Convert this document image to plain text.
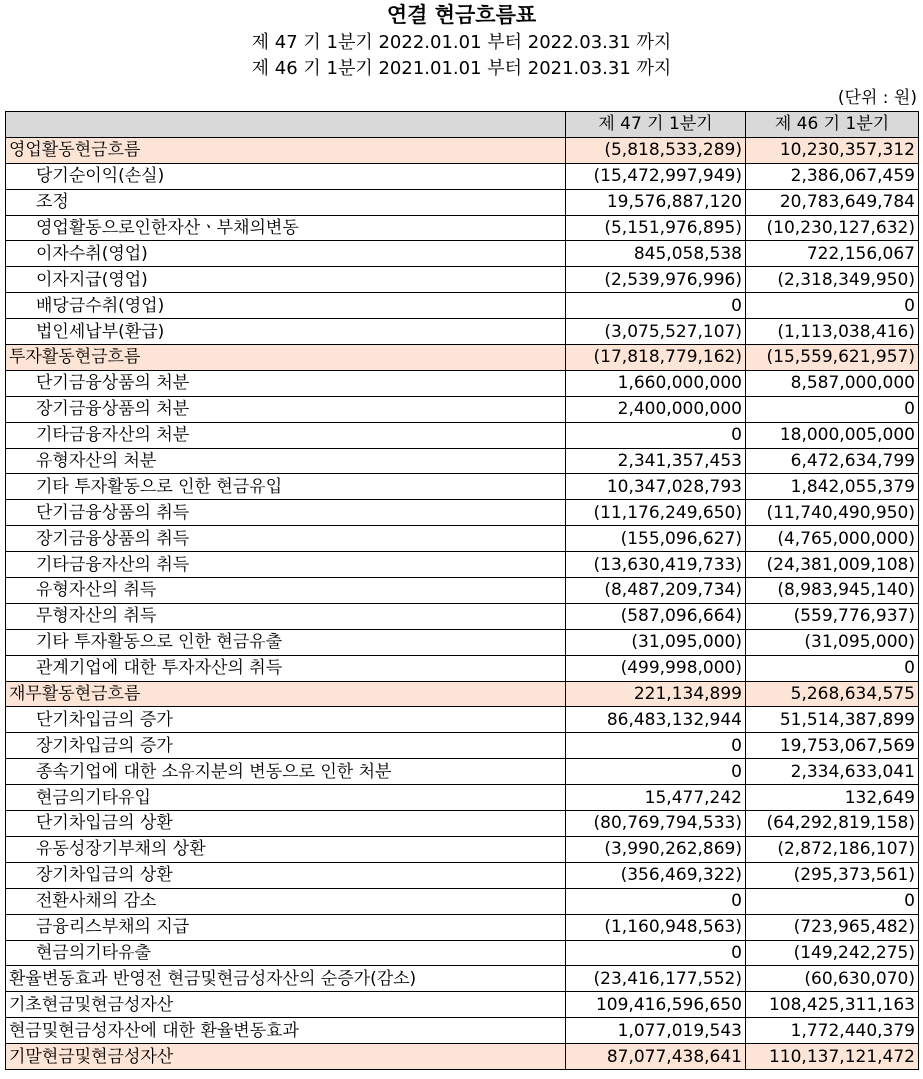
연결 현금흐름표
제 47 기 1분기 2022.01.01 부터 2022.03.31 까지
제 46 기 1분기 2021.01.01 부터 2021.03.31 까지
(단위 : 원)
	제 47 기 1분기	제 46 기 1분기
영업활동현금흐름	(5,818,533,289)	10,230,357,312
당기순이익(손실)	(15,472,997,949)	2,386,067,459
조정	19,576,887,120	20,783,649,784
영업활동으로인한자산ㆍ부채의변동	(5,151,976,895)	(10,230,127,632)
이자수취(영업)	845,058,538	722,156,067
이자지급(영업)	(2,539,976,996)	(2,318,349,950)
배당금수취(영업)	0	0
법인세납부(환급)	(3,075,527,107)	(1,113,038,416)
투자활동현금흐름	(17,818,779,162)	(15,559,621,957)
단기금융상품의 처분	1,660,000,000	8,587,000,000
장기금융상품의 처분	2,400,000,000	0
기타금융자산의 처분	0	18,000,005,000
유형자산의 처분	2,341,357,453	6,472,634,799
기타 투자활동으로 인한 현금유입	10,347,028,793	1,842,055,379
단기금융상품의 취득	(11,176,249,650)	(11,740,490,950)
장기금융상품의 취득	(155,096,627)	(4,765,000,000)
기타금융자산의 취득	(13,630,419,733)	(24,381,009,108)
유형자산의 취득	(8,487,209,734)	(8,983,945,140)
무형자산의 취득	(587,096,664)	(559,776,937)
기타 투자활동으로 인한 현금유출	(31,095,000)	(31,095,000)
관계기업에 대한 투자자산의 취득	(499,998,000)	0
재무활동현금흐름	221,134,899	5,268,634,575
단기차입금의 증가	86,483,132,944	51,514,387,899
장기차입금의 증가	0	19,753,067,569
종속기업에 대한 소유지분의 변동으로 인한 처분	0	2,334,633,041
현금의기타유입	15,477,242	132,649
단기차입금의 상환	(80,769,794,533)	(64,292,819,158)
유동성장기부채의 상환	(3,990,262,869)	(2,872,186,107)
장기차입금의 상환	(356,469,322)	(295,373,561)
전환사채의 감소	0	0
금융리스부채의 지급	(1,160,948,563)	(723,965,482)
현금의기타유출	0	(149,242,275)
환율변동효과 반영전 현금및현금성자산의 순증가(감소)	(23,416,177,552)	(60,630,070)
기초현금및현금성자산	109,416,596,650	108,425,311,163
현금및현금성자산에 대한 환율변동효과	1,077,019,543	1,772,440,379
기말현금및현금성자산	87,077,438,641	110,137,121,472
